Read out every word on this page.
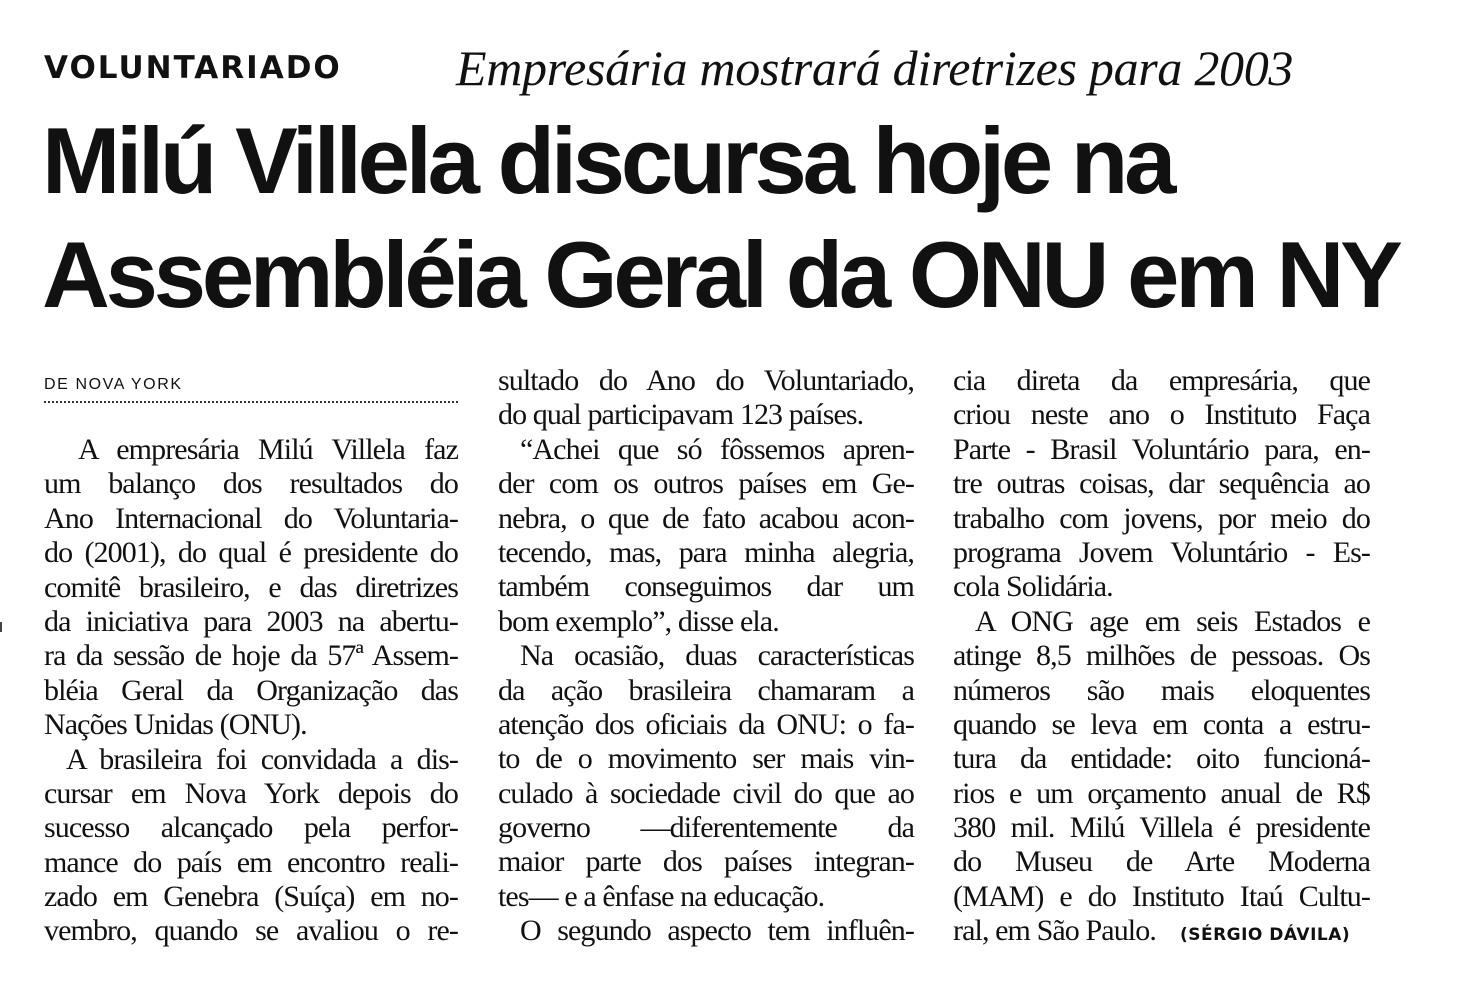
VOLUNTARIADO Empresária mostrará diretrizes para 2003
Milú Villela discursa hoje na
Assembléia Geral da ONU em NY
DE NOVA YORK
A empresária Milú Villela faz
um balanço dos resultados do
Ano Internacional do Voluntaria-
do (2001), do qual é presidente do
comitê brasileiro, e das diretrizes
da iniciativa para 2003 na abertu-
ra da sessão de hoje da 57ª Assem-
bléia Geral da Organização das
Nações Unidas (ONU).
A brasileira foi convidada a dis-
cursar em Nova York depois do
sucesso alcançado pela perfor-
mance do país em encontro reali-
zado em Genebra (Suíça) em no-
vembro, quando se avaliou o re-
sultado do Ano do Voluntariado,
do qual participavam 123 países.
“Achei que só fôssemos apren-
der com os outros países em Ge-
nebra, o que de fato acabou acon-
tecendo, mas, para minha alegria,
também conseguimos dar um
bom exemplo”, disse ela.
Na ocasião, duas características
da ação brasileira chamaram a
atenção dos oficiais da ONU: o fa-
to de o movimento ser mais vin-
culado à sociedade civil do que ao
governo —diferentemente da
maior parte dos países integran-
tes— e a ênfase na educação.
O segundo aspecto tem influên-
cia direta da empresária, que
criou neste ano o Instituto Faça
Parte - Brasil Voluntário para, en-
tre outras coisas, dar sequência ao
trabalho com jovens, por meio do
programa Jovem Voluntário - Es-
cola Solidária.
A ONG age em seis Estados e
atinge 8,5 milhões de pessoas. Os
números são mais eloquentes
quando se leva em conta a estru-
tura da entidade: oito funcioná-
rios e um orçamento anual de R$
380 mil. Milú Villela é presidente
do Museu de Arte Moderna
(MAM) e do Instituto Itaú Cultu-
ral, em São Paulo. (SÉRGIO DÁVILA)
